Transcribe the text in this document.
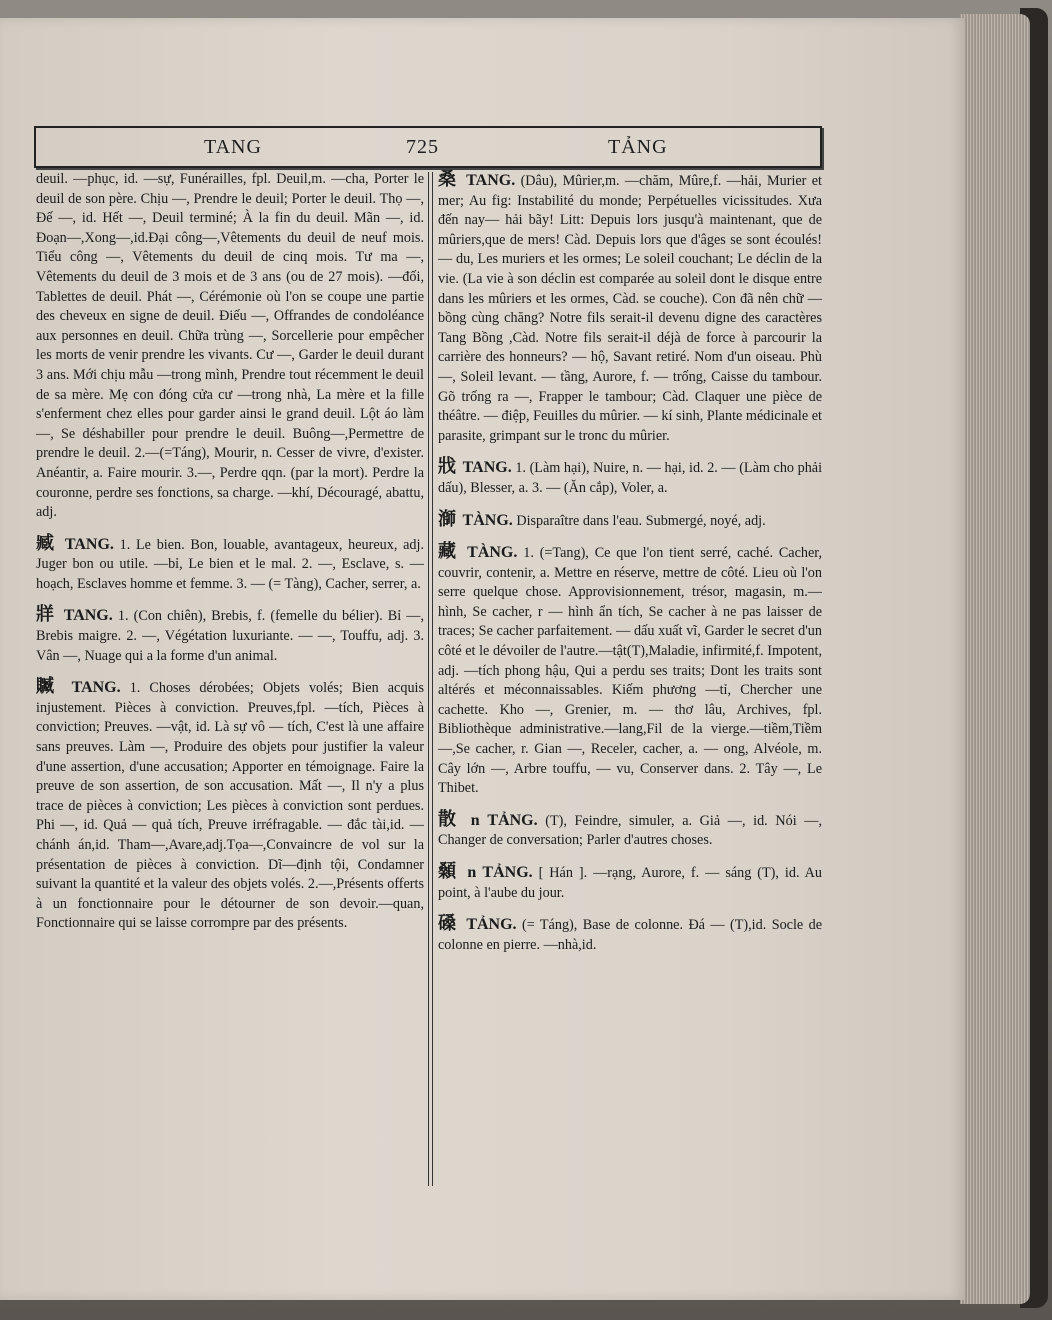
TANG	725	TẢNG

deuil. —phục, id. —sự, Funérailles, fpl. Deuil,m. —cha, Porter le deuil de son père. Chịu —, Prendre le deuil; Porter le deuil. Thọ —, Đế —, id. Hết —, Deuil terminé; À la fin du deuil. Mãn —, id. Đoạn—,Xong—,id.Đại công—,Vêtements du deuil de neuf mois. Tiểu công —, Vêtements du deuil de cinq mois. Tư ma —, Vêtements du deuil de 3 mois et de 3 ans (ou de 27 mois). —đối, Tablettes de deuil. Phát —, Cérémonie où l'on se coupe une partie des cheveux en signe de deuil. Điếu —, Offrandes de condoléance aux personnes en deuil. Chữa trùng —, Sorcellerie pour empêcher les morts de venir prendre les vivants. Cư —, Garder le deuil durant 3 ans. Mới chịu mẫu —trong mình, Prendre tout récemment le deuil de sa mère. Mẹ con đóng cửa cư —trong nhà, La mère et la fille s'enferment chez elles pour garder ainsi le grand deuil. Lột áo làm—, Se déshabiller pour prendre le deuil. Buông—,Permettre de prendre le deuil. 2.—(=Táng), Mourir, n. Cesser de vivre, d'exister. Anéantir, a. Faire mourir. 3.—, Perdre qqn. (par la mort). Perdre la couronne, perdre ses fonctions, sa charge. —khí, Découragé, abattu, adj.

臧 TANG. 1. Le bien. Bon, louable, avantageux, heureux, adj. Juger bon ou utile. —bỉ, Le bien et le mal. 2. —, Esclave, s. —hoạch, Esclaves homme et femme. 3. — (= Tàng), Cacher, serrer, a.

牂 TANG. 1. (Con chiên), Brebis, f. (femelle du bélier). Bỉ —, Brebis maigre. 2. —, Végétation luxuriante. — —, Touffu, adj. 3. Vân —, Nuage qui a la forme d'un animal.

贓 TANG. 1. Choses dérobées; Objets volés; Bien acquis injustement. Pièces à conviction. Preuves,fpl. —tích, Pièces à conviction; Preuves. —vật, id. Là sự vô — tích, C'est là une affaire sans preuves. Làm —, Produire des objets pour justifier la valeur d'une assertion, d'une accusation; Apporter en témoignage. Faire la preuve de son assertion, de son accusation. Mất —, Il n'y a plus trace de pièces à conviction; Les pièces à conviction sont perdues. Phi —, id. Quả — quả tích, Preuve irréfragable. — đắc tài,id. — chánh án,id. Tham—,Avare,adj.Tọa—,Convaincre de vol sur la présentation de pièces à conviction. Dĩ—định tội, Condamner suivant la quantité et la valeur des objets volés. 2.—,Présents offerts à un fonctionnaire pour le détourner de son devoir.—quan, Fonctionnaire qui se laisse corrompre par des présents.

桑 TANG. (Dâu), Mûrier,m. —chăm, Mûre,f. —hải, Murier et mer; Au fig: Instabilité du monde; Perpétuelles vicissitudes. Xưa đến nay— hải bãy! Litt: Depuis lors jusqu'à maintenant, que de mûriers,que de mers! Càd. Depuis lors que d'âges se sont écoulés! — du, Les muriers et les ormes; Le soleil couchant; Le déclin de la vie. (La vie à son déclin est comparée au soleil dont le disque entre dans les mûriers et les ormes, Càd. se couche). Con đã nên chữ — bồng cùng chăng? Notre fils serait-il devenu digne des caractères Tang Bồng ,Càd. Notre fils serait-il déjà de force à parcourir la carrière des honneurs? — hộ, Savant retiré. Nom d'un oiseau. Phù —, Soleil levant. — tầng, Aurore, f. — trống, Caisse du tambour. Gõ trống ra —, Frapper le tambour; Càd. Claquer une pièce de théâtre. — điệp, Feuilles du mûrier. — kí sinh, Plante médicinale et parasite, grimpant sur le tronc du mûrier.

戕 TANG. 1. (Làm hại), Nuire, n. — hại, id. 2. — (Làm cho phải dấu), Blesser, a. 3. — (Ăn cắp), Voler, a.

溮 TÀNG. Disparaître dans l'eau. Submergé, noyé, adj.

藏 TÀNG. 1. (=Tang), Ce que l'on tient serré, caché. Cacher, couvrir, contenir, a. Mettre en réserve, mettre de côté. Lieu où l'on serre quelque chose. Approvisionnement, trésor, magasin, m.— hình, Se cacher, r — hình ẩn tích, Se cacher à ne pas laisser de traces; Se cacher parfaitement. — dấu xuất vĩ, Garder le secret d'un côté et le dévoiler de l'autre.—tật(T),Maladie, infirmité,f. Impotent, adj. —tích phong hậu, Qui a perdu ses traits; Dont les traits sont altérés et méconnaissables. Kiếm phương —tỉ, Chercher une cachette. Kho —, Grenier, m. — thơ lâu, Archives, fpl. Bibliothèque administrative.—lang,Fil de la vierge.—tiềm,Tiềm —,Se cacher, r. Gian —, Receler, cacher, a. — ong, Alvéole, m. Cây lớn —, Arbre touffu, — vu, Conserver dans. 2. Tây —, Le Thibet.

散 n TẢNG. (T), Feindre, simuler, a. Giả —, id. Nói —, Changer de conversation; Parler d'autres choses.

顙 n TẢNG. [ Hán ]. —rạng, Aurore, f. — sáng (T), id. Au point, à l'aube du jour.

磉 TẢNG. (= Táng), Base de colonne. Đá — (T),id. Socle de colonne en pierre. —nhà,id.
